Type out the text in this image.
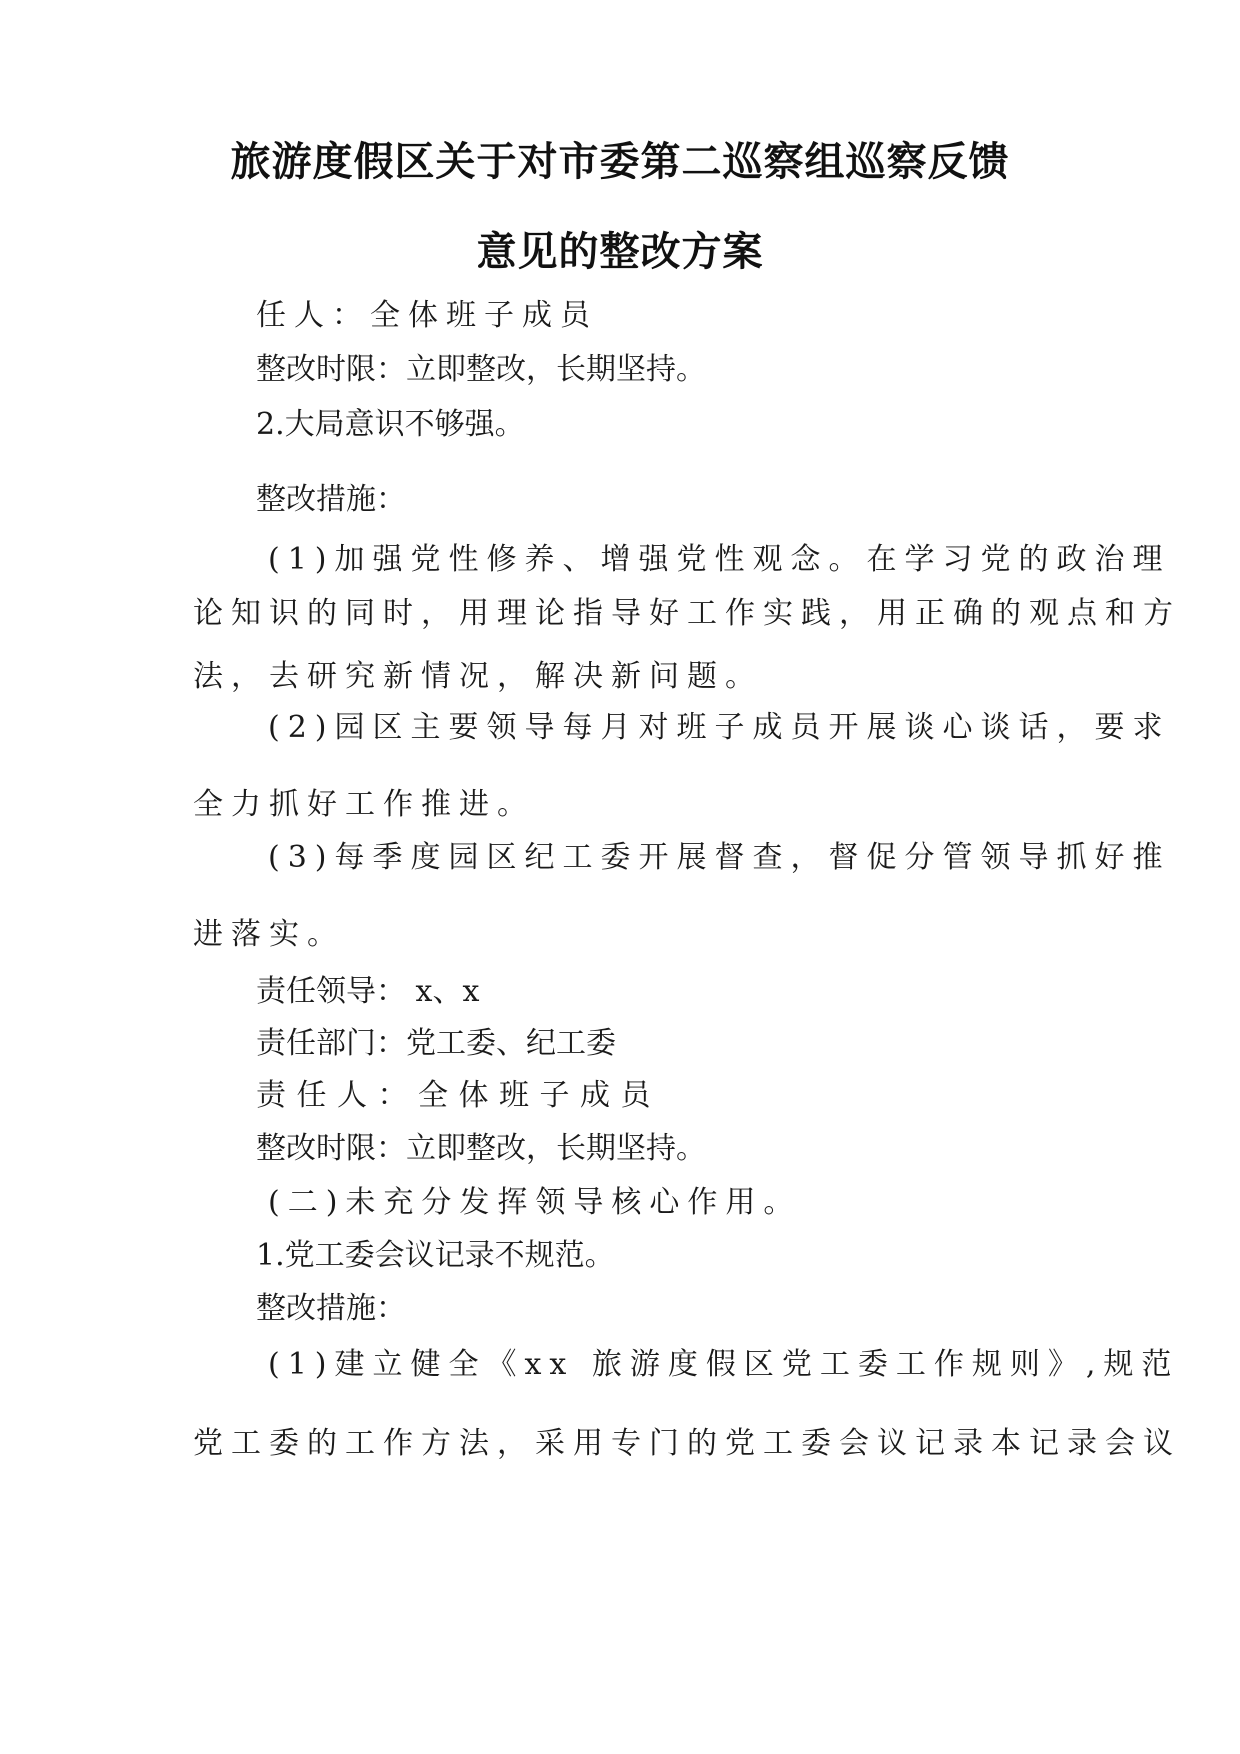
旅游度假区关于对市委第二巡察组巡察反馈
意见的整改方案
任人：全体班子成员
整改时限：立即整改，长期坚持。
2.大局意识不够强。
整改措施：
(1)加强党性修养、增强党性观念。在学习党的政治理
论知识的同时，用理论指导好工作实践，用正确的观点和方
法，去研究新情况，解决新问题。
(2)园区主要领导每月对班子成员开展谈心谈话，要求
全力抓好工作推进。
(3)每季度园区纪工委开展督查，督促分管领导抓好推
进落实。
责任领导： x、x
责任部门：党工委、纪工委
责任人：全体班子成员
整改时限：立即整改，长期坚持。
(二)未充分发挥领导核心作用。
1.党工委会议记录不规范。
整改措施：
(1)建立健全《xx 旅游度假区党工委工作规则》,规范
党工委的工作方法，采用专门的党工委会议记录本记录会议
